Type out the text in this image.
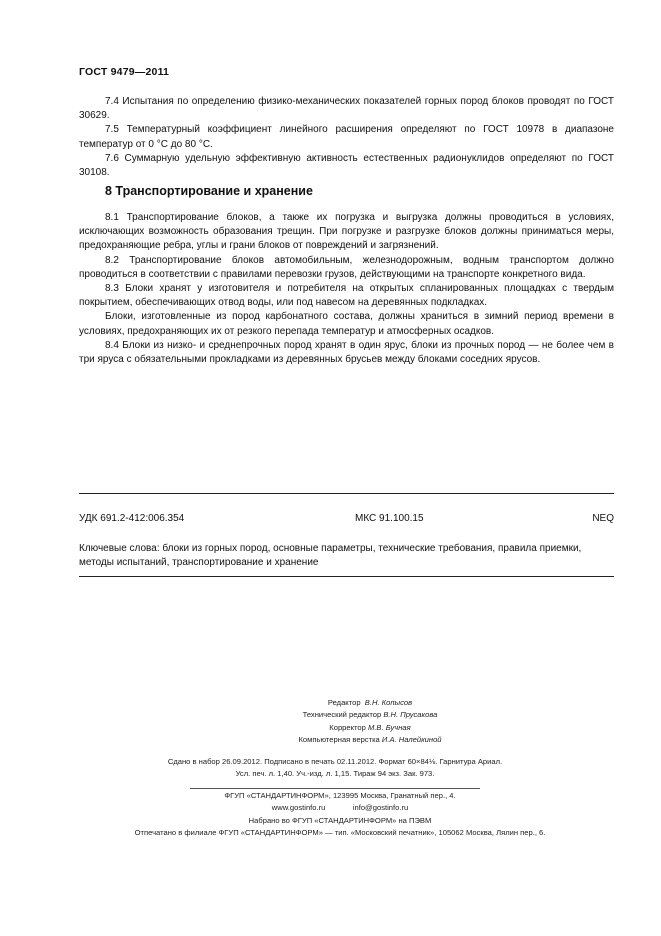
ГОСТ 9479—2011

7.4 Испытания по определению физико-механических показателей горных пород блоков проводят по ГОСТ 30629.

7.5 Температурный коэффициент линейного расширения определяют по ГОСТ 10978 в диапазоне температур от 0 °С до 80 °С.

7.6 Суммарную удельную эффективную активность естественных радионуклидов определяют по ГОСТ 30108.

8 Транспортирование и хранение

8.1 Транспортирование блоков, а также их погрузка и выгрузка должны проводиться в условиях, исключающих возможность образования трещин. При погрузке и разгрузке блоков должны приниматься меры, предохраняющие ребра, углы и грани блоков от повреждений и загрязнений.

8.2 Транспортирование блоков автомобильным, железнодорожным, водным транспортом должно проводиться в соответствии с правилами перевозки грузов, действующими на транспорте конкретного вида.

8.3 Блоки хранят у изготовителя и потребителя на открытых спланированных площадках с твердым покрытием, обеспечивающих отвод воды, или под навесом на деревянных подкладках.

Блоки, изготовленные из пород карбонатного состава, должны храниться в зимний период времени в условиях, предохраняющих их от резкого перепада температур и атмосферных осадков.

8.4 Блоки из низко- и среднепрочных пород хранят в один ярус, блоки из прочных пород — не более чем в три яруса с обязательными прокладками из деревянных брусьев между блоками соседних ярусов.

УДК 691.2-412:006.354	МКС 91.100.15	NEQ
Ключевые слова: блоки из горных пород, основные параметры, технические требования, правила приемки, методы испытаний, транспортирование и хранение
Редактор В.Н. Копысов
Технический редактор В.Н. Прусакова
Корректор М.В. Бучная
Компьютерная верстка И.А. Налейкиной
Сдано в набор 26.09.2012. Подписано в печать 02.11.2012. Формат 60×84⅛. Гарнитура Ариал.
Усл. печ. л. 1,40. Уч.-изд. л. 1,15. Тираж 94 экз. Зак. 973.
ФГУП «СТАНДАРТИНФОРМ», 123995 Москва, Гранатный пер., 4.
www.gostinfo.ru	info@gostinfo.ru
Набрано во ФГУП «СТАНДАРТИНФОРМ» на ПЭВМ
Отпечатано в филиале ФГУП «СТАНДАРТИНФОРМ» — тип. «Московский печатник», 105062 Москва, Лялин пер., 6.
